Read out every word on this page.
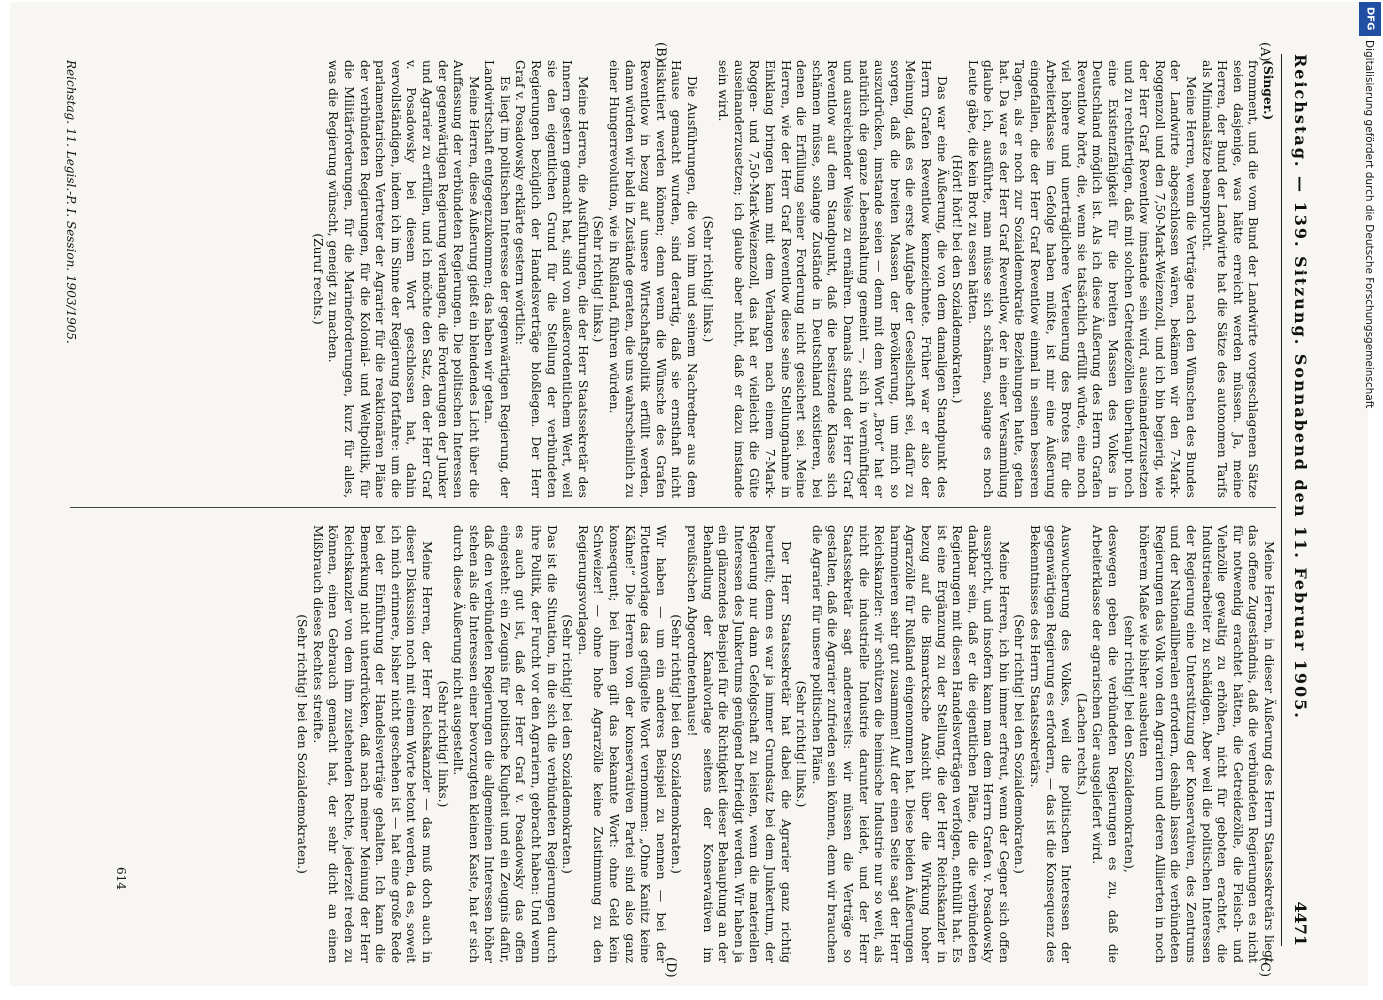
Reichstag. — 139. Sitzung. Sonnabend den 11. Februar 1905.
4471
(A)
(B)
(C)
(D)

(Singer.)

fromment, und die vom Bund der Landwirte vorgeschlagenen Sätze seien dasjenige, was hätte erreicht werden müssen. Ja, meine Herren, der Bund der Landwirte hat die Sätze des autonomen Tarifs als Minimalsätze beansprucht.

Meine Herren, wenn die Verträge nach den Wünschen des Bundes der Landwirte abgeschlossen wären, bekämen wir den 7-Mark-Roggenzoll und den 7,50-Mark-Weizenzoll, und ich bin begierig, wie der Herr Graf Reventlow imstande sein wird, auseinanderzusetzen und zu rechtfertigen, daß mit solchen Getreidezöllen überhaupt noch eine Existenzfähigkeit für die breiten Massen des Volkes in Deutschland möglich ist. Als ich diese Äußerung des Herrn Grafen Reventlow hörte, die, wenn sie tatsächlich erfüllt würde, eine noch viel höhere und unerträglichere Verteuerung des Brotes für die Arbeiterklasse im Gefolge haben müßte, ist mir eine Äußerung eingefallen, die der Herr Graf Reventlow einmal in seinen besseren Tagen, als er noch zur Sozialdemokratie Beziehungen hatte, getan hat. Da war es der Herr Graf Reventlow, der in einer Versammlung glaube ich, ausführte, man müsse sich schämen, solange es noch Leute gäbe, die kein Brot zu essen hätten.

(Hört! hört! bei den Sozialdemokraten.)

Das war eine Äußerung, die von dem damaligen Standpunkt des Herrn Grafen Reventlow kennzeichnete. Früher war er also der Meinung, daß es die erste Aufgabe der Gesellschaft sei, dafür zu sorgen, daß die breiten Massen der Bevölkerung, um mich so auszudrücken, imstande seien — denn mit dem Wort „Brot“ hat er natürlich die ganze Lebenshaltung gemeint —, sich in vernünftiger und ausreichender Weise zu ernähren. Damals stand der Herr Graf Reventlow auf dem Standpunkt, daß die besitzende Klasse sich schämen müsse, solange Zustände in Deutschland existieren, bei denen die Erfüllung seiner Forderung nicht gesichert sei. Meine Herren, wie der Herr Graf Reventlow diese seine Stellungnahme in Einklang bringen kann mit dem Verlangen nach einem 7-Mark-Roggen- und 7,50-Mark-Weizenzoll, das hat er vielleicht die Güte auseinanderzusetzen; ich glaube aber nicht, daß er dazu imstande sein wird.

(Sehr richtig! links.)

Die Ausführungen, die von ihm und seinem Nachredner aus dem Hause gemacht wurden, sind derartig, daß sie ernsthaft nicht diskutiert werden können; denn wenn die Wünsche des Grafen Reventlow in bezug auf unsere Wirtschaftspolitik erfüllt werden, dann würden wir bald in Zustände geraten, die uns wahrscheinlich zu einer Hungerrevolution, wie in Rußland, führen würden.

(Sehr richtig! links.)

Meine Herren, die Ausführungen, die der Herr Staatssekretär des Innern gestern gemacht hat, sind von außerordentlichem Wert, weil sie den eigentlichen Grund für die Stellung der verbündeten Regierungen bezüglich der Handelsverträge bloßlegen. Der Herr Graf v. Posadowsky erklärte gestern wörtlich:

Es liegt im politischen Interesse der gegenwärtigen Regierung, der Landwirtschaft entgegenzukommen; das haben wir getan.

Meine Herren, diese Äußerung gießt ein blendendes Licht über die Auffassung der verbündeten Regierungen. Die politischen Interessen der gegenwärtigen Regierung verlangen, die Forderungen der Junker und Agrarier zu erfüllen, und ich möchte den Satz, den der Herr Graf v. Posadowsky bei diesem Wort geschlossen hat, dahin vervollständigen, indem ich im Sinne der Regierung fortfahre: um die parlamentarischen Vertreter der Agrarier für die reaktionären Pläne der verbündeten Regierungen, für die Kolonial- und Weltpolitik, für die Militärforderungen, für die Marineforderungen, kurz für alles, was die Regierung wünscht, geneigt zu machen.

(Zuruf rechts.)

Meine Herren, in dieser Äußerung des Herrn Staatssekretärs liegt das offene Zugeständnis, daß die verbündeten Regierungen es nicht für notwendig erachtet hätten, die Getreidezölle, die Fleisch- und Viehzölle gewaltig zu erhöhen, nicht für geboten erachtet, die Industriearbeiter zu schädigen. Aber weil die politischen Interessen der Regierung eine Unterstützung der Konservativen, des Zentrums und der Nationalliberalen erfordern, deshalb lassen die verbündeten Regierungen das Volk von den Agrariern und deren Alliierten in noch höherem Maße wie bisher ausbeuten

(sehr richtig! bei den Sozialdemokraten),

deswegen geben die verbündeten Regierungen es zu, daß die Arbeiterklasse der agrarischen Gier ausgeliefert wird.

(Lachen rechts.)

Auswucherung des Volkes, weil die politischen Interessen der gegenwärtigen Regierung es erfordern, — das ist die Konsequenz des Bekenntnisses des Herrn Staatssekretärs.

(Sehr richtig! bei den Sozialdemokraten.)

Meine Herren, ich bin immer erfreut, wenn der Gegner sich offen ausspricht, und insofern kann man dem Herrn Grafen v. Posadowsky dankbar sein, daß er die eigentlichen Pläne, die die verbündeten Regierungen mit diesen Handelsverträgen verfolgen, enthüllt hat. Es ist eine Ergänzung zu der Stellung, die der Herr Reichskanzler in bezug auf die Bismarcksche Ansicht über die Wirkung hoher Agrarzölle für Rußland eingenommen hat. Diese beiden Äußerungen harmonieren sehr gut zusammen! Auf der einen Seite sagt der Herr Reichskanzler: wir schützen die heimische Industrie nur so weit, als nicht die industrielle Industrie darunter leidet, und der Herr Staatssekretär sagt andererseits: wir müssen die Verträge so gestalten, daß die Agrarier zufrieden sein können, denn wir brauchen die Agrarier für unsere politischen Pläne.

(Sehr richtig! links.)

Der Herr Staatssekretär hat dabei die Agrarier ganz richtig beurteilt; denn es war ja immer Grundsatz bei dem Junkertum, der Regierung nur dann Gefolgschaft zu leisten, wenn die materiellen Interessen des Junkertums genügend befriedigt werden. Wir haben ja ein glänzendes Beispiel für die Richtigkeit dieser Behauptung an der Behandlung der Kanalvorlage seitens der Konservativen im preußischen Abgeordnetenhause!

(Sehr richtig! bei den Sozialdemokraten.)

Wir haben — um ein anderes Beispiel zu nennen — bei der Flottenvorlage das geflügelte Wort vernommen: „Ohne Kanitz keine Kähne!“ Die Herren von der konservativen Partei sind also ganz konsequent; bei ihnen gilt das bekannte Wort: ohne Geld kein Schweizer! — ohne hohe Agrarzölle keine Zustimmung zu den Regierungsvorlagen.

(Sehr richtig! bei den Sozialdemokraten.)

Das ist die Situation, in die sich die verbündeten Regierungen durch ihre Politik, der Furcht vor den Agrariern, gebracht haben: Und wenn es auch gut ist, daß der Herr Graf v. Posadowsky das offen eingesteht: ein Zeugnis für politische Klugheit und ein Zeugnis dafür, daß den verbündeten Regierungen die allgemeinen Interessen höher stehen als die Interessen einer bevorzugten kleinen Kaste, hat er sich durch diese Äußerung nicht ausgestellt.

(Sehr richtig! links.)

Meine Herren, der Herr Reichskanzler — das muß doch auch in dieser Diskussion noch mit einem Worte betont werden, da es, soweit ich mich erinnere, bisher nicht geschehen ist — hat eine große Rede bei der Einführung der Handelsverträge gehalten. Ich kann die Bemerkung nicht unterdrücken, daß nach meiner Meinung der Herr Reichskanzler von dem ihm zustehenden Rechte, jederzeit reden zu können, einen Gebrauch gemacht hat, der sehr dicht an einen Mißbrauch dieses Rechtes streifte.

(Sehr richtig! bei den Sozialdemokraten.)

Reichstag. 11. Legisl.-P. I. Session. 1903/1905.
614
DFG
Digitalisierung gefördert durch die Deutsche Forschungsgemeinschaft
